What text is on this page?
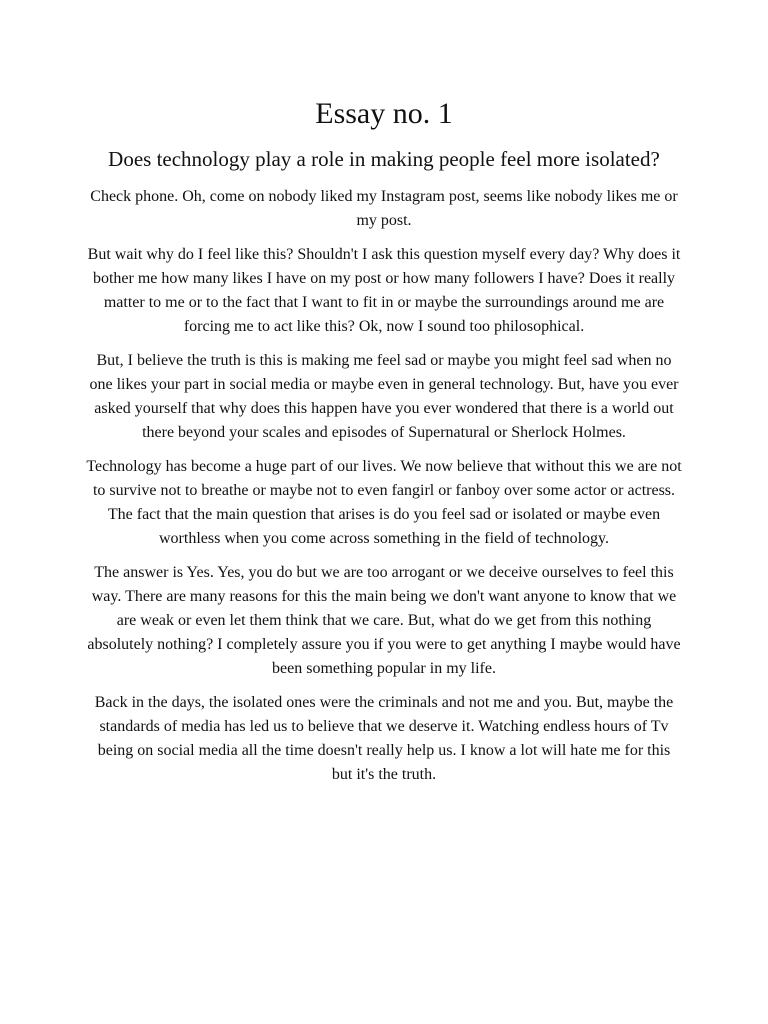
Essay no. 1
Does technology play a role in making people feel more isolated?

Check phone. Oh, come on nobody liked my Instagram post, seems like nobody likes me or my post.

But wait why do I feel like this? Shouldn't I ask this question myself every day? Why does it bother me how many likes I have on my post or how many followers I have? Does it really matter to me or to the fact that I want to fit in or maybe the surroundings around me are forcing me to act like this? Ok, now I sound too philosophical.

But, I believe the truth is this is making me feel sad or maybe you might feel sad when no one likes your part in social media or maybe even in general technology. But, have you ever asked yourself that why does this happen have you ever wondered that there is a world out there beyond your scales and episodes of Supernatural or Sherlock Holmes.

Technology has become a huge part of our lives. We now believe that without this we are not to survive not to breathe or maybe not to even fangirl or fanboy over some actor or actress. The fact that the main question that arises is do you feel sad or isolated or maybe even worthless when you come across something in the field of technology.

The answer is Yes. Yes, you do but we are too arrogant or we deceive ourselves to feel this way. There are many reasons for this the main being we don't want anyone to know that we are weak or even let them think that we care. But, what do we get from this nothing absolutely nothing? I completely assure you if you were to get anything I maybe would have been something popular in my life.

Back in the days, the isolated ones were the criminals and not me and you. But, maybe the standards of media has led us to believe that we deserve it. Watching endless hours of Tv being on social media all the time doesn't really help us. I know a lot will hate me for this but it's the truth.
